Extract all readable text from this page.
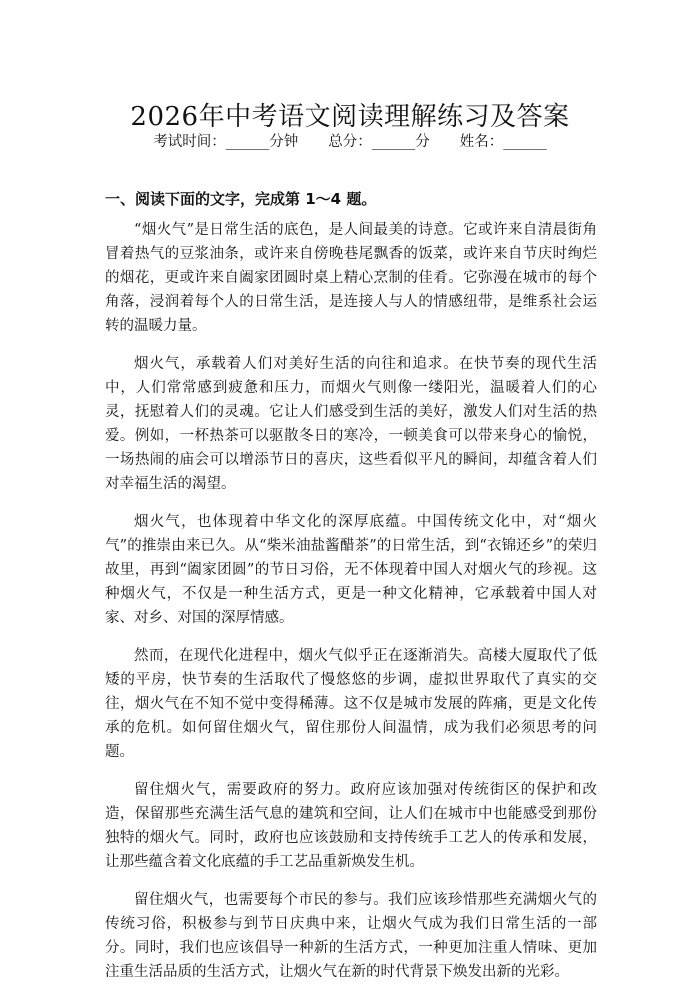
2026年中考语文阅读理解练习及答案
考试时间：______分钟 总分：______分 姓名：______
一、阅读下面的文字，完成第 1～4 题。

“烟火气”是日常生活的底色，是人间最美的诗意。它或许来自清晨街角冒着热气的豆浆油条，或许来自傍晚巷尾飘香的饭菜，或许来自节庆时绚烂的烟花，更或许来自阖家团圆时桌上精心烹制的佳肴。它弥漫在城市的每个角落，浸润着每个人的日常生活，是连接人与人的情感纽带，是维系社会运转的温暖力量。

烟火气，承载着人们对美好生活的向往和追求。在快节奏的现代生活中，人们常常感到疲惫和压力，而烟火气则像一缕阳光，温暖着人们的心灵，抚慰着人们的灵魂。它让人们感受到生活的美好，激发人们对生活的热爱。例如，一杯热茶可以驱散冬日的寒冷，一顿美食可以带来身心的愉悦，一场热闹的庙会可以增添节日的喜庆，这些看似平凡的瞬间，却蕴含着人们对幸福生活的渴望。

烟火气，也体现着中华文化的深厚底蕴。中国传统文化中，对“烟火气”的推崇由来已久。从“柴米油盐酱醋茶”的日常生活，到“衣锦还乡”的荣归故里，再到“阖家团圆”的节日习俗，无不体现着中国人对烟火气的珍视。这种烟火气，不仅是一种生活方式，更是一种文化精神，它承载着中国人对家、对乡、对国的深厚情感。

然而，在现代化进程中，烟火气似乎正在逐渐消失。高楼大厦取代了低矮的平房，快节奏的生活取代了慢悠悠的步调，虚拟世界取代了真实的交往，烟火气在不知不觉中变得稀薄。这不仅是城市发展的阵痛，更是文化传承的危机。如何留住烟火气，留住那份人间温情，成为我们必须思考的问题。

留住烟火气，需要政府的努力。政府应该加强对传统街区的保护和改造，保留那些充满生活气息的建筑和空间，让人们在城市中也能感受到那份独特的烟火气。同时，政府也应该鼓励和支持传统手工艺人的传承和发展，让那些蕴含着文化底蕴的手工艺品重新焕发生机。

留住烟火气，也需要每个市民的参与。我们应该珍惜那些充满烟火气的传统习俗，积极参与到节日庆典中来，让烟火气成为我们日常生活的一部分。同时，我们也应该倡导一种新的生活方式，一种更加注重人情味、更加注重生活品质的生活方式，让烟火气在新的时代背景下焕发出新的光彩。
